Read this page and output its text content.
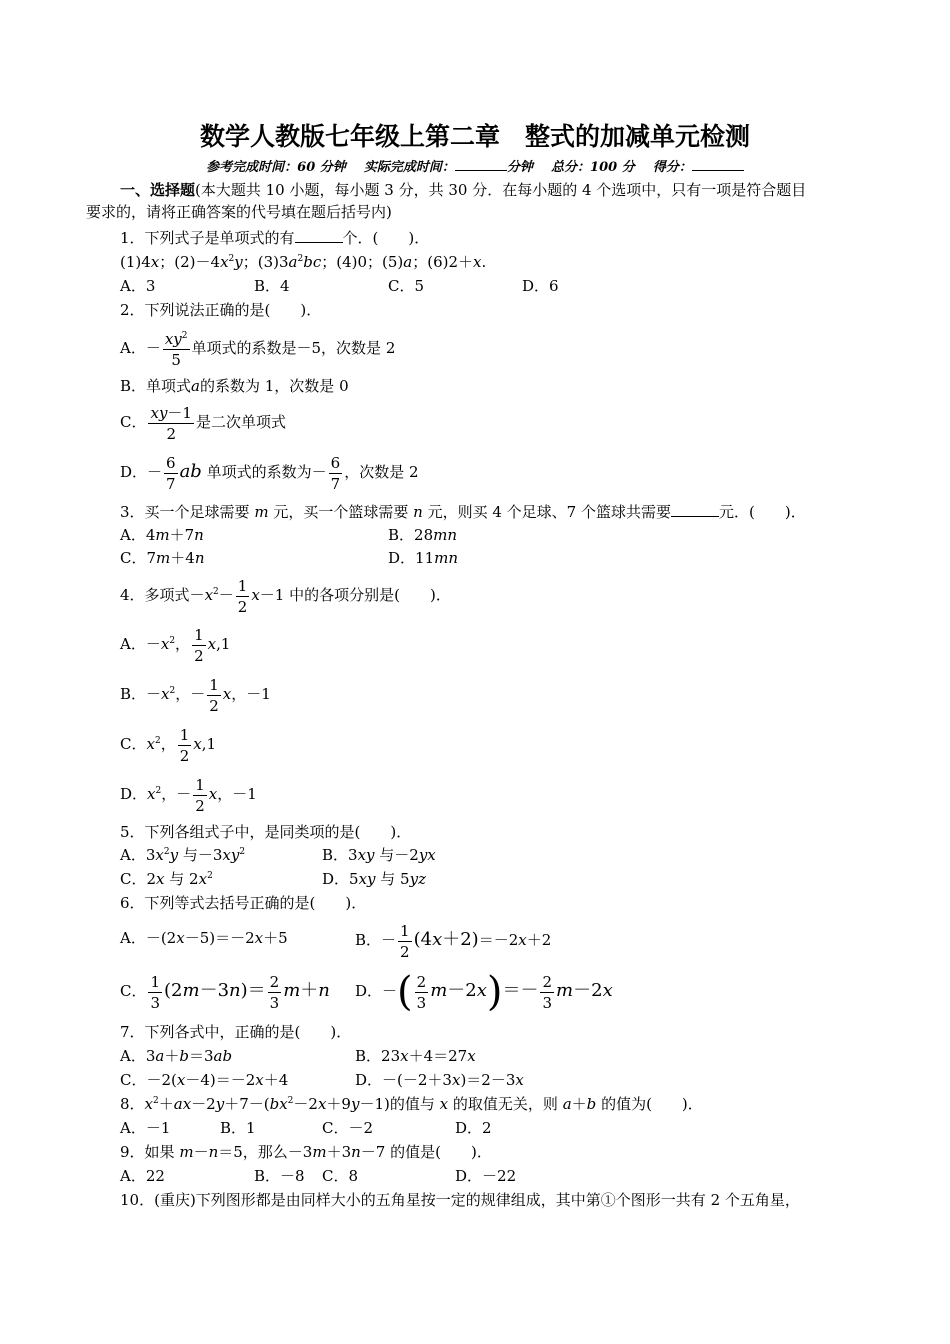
数学人教版七年级上第二章　整式的加减单元检测
参考完成时间：60 分钟 实际完成时间：	分钟 总分：100 分 得分：
一、选择题(本大题共 10 小题，每小题 3 分，共 30 分．在每小题的 4 个选项中，只有一项是符合题目
要求的，请将正确答案的代号填在题后括号内)
1．下列式子是单项式的有	个．(　　)．
(1)4x；$(2)-4x^2y$；$(3)3a^2bc$；(4)0；(5)a；(6)2＋x.
A．3	B．4	C．5	D．6
2．下列说法正确的是(　　)．
A．－ $\frac{xy^2}{5}$ 单项式的系数是－5，次数是 2
B．单项式a的系数为 1，次数是 0
C． $\frac{xy-1}{2}$ 是二次单项式
D．－ $\frac{6}{7}$ ab 单项式的系数为－ $\frac{6}{7}$ ，次数是 2
3．买一个足球需要 m 元，买一个篮球需要 n 元，则买 4 个足球、7 个篮球共需要	元．(　　)．
A．4m＋7n	B．28mn
C．7m＋4n	D．11mn
4．多项式$-x^2- \frac{1}{2} x-1$ 中的各项分别是(　　)．
A．$-x^2$， $\frac{1}{2} x,1$
B．$-x^2$，－ $\frac{1}{2}$ x，－1
C．$x^2$， $\frac{1}{2} x,1$
D．$x^2$，－ $\frac{1}{2}$ x，－1
5．下列各组式子中，是同类项的是(　　)．
A．$3x^2y$ 与$-3xy^2$	B．3xy 与－2yx
C．2x 与 $2x^2$	D．5xy 与 5yz
6．下列等式去括号正确的是(　　)．
A．－(2x－5)＝－2x＋5	B．－ $\frac{1}{2} (4x+2)=-2x+2$
C． $\frac{1}{3} (2m-3n)= \frac{2}{3} m+n$ D．－( $\frac{2}{3} m-2x)=- \frac{2}{3} m-2x$
7．下列各式中，正确的是(　　)．
A．3a＋b＝3ab	B．23x＋4＝27x
C．－2(x－4)＝－2x＋4	D．－(－2＋3x)＝2－3x
8．$x^2+ax-2y+7-(bx^2-2x+9y-1)$的值与 x 的取值无关，则 a＋b 的值为(　　)．
A．－1	B．1	C．－2	D．2
9．如果 m－n＝5，那么－3m＋3n－7 的值是(　　)．
A．22	B．－8 C．8	D．－22
10．(重庆)下列图形都是由同样大小的五角星按一定的规律组成，其中第①个图形一共有 2 个五角星，
